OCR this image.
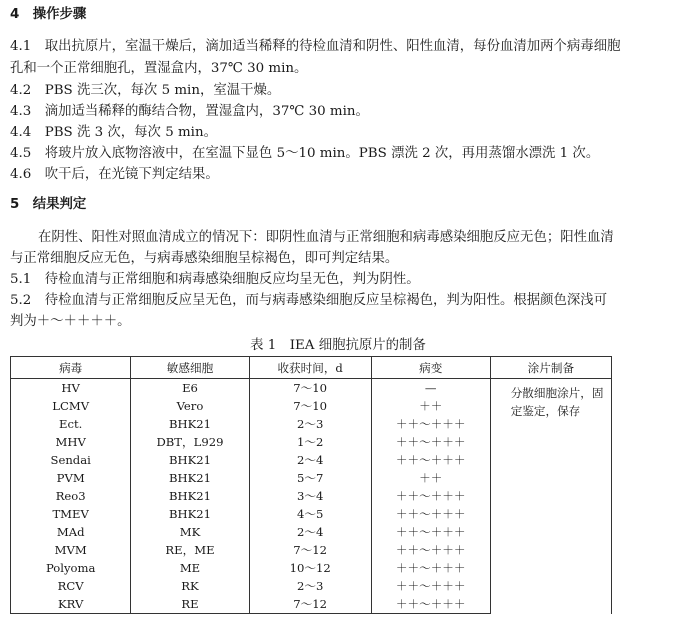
4　操作步骤
4.1　 取出抗原片，室温干燥后，滴加适当稀释的待检血清和阴性、阳性血清，每份血清加两个病毒细胞
孔和一个正常细胞孔，置湿盒内，37℃ 30 min。
4.2　 PBS 洗三次，每次 5 min，室温干燥。
4.3　 滴加适当稀释的酶结合物，置湿盒内，37℃ 30 min。
4.4　 PBS 洗 3 次，每次 5 min。
4.5　 将玻片放入底物溶液中，在室温下显色 5～10 min。PBS 漂洗 2 次，再用蒸馏水漂洗 1 次。
4.6　 吹干后，在光镜下判定结果。
5　结果判定
在阴性、阳性对照血清成立的情况下：即阴性血清与正常细胞和病毒感染细胞反应无色；阳性血清
与正常细胞反应无色，与病毒感染细胞呈棕褐色，即可判定结果。
5.1　 待检血清与正常细胞和病毒感染细胞反应均呈无色，判为阴性。
5.2　 待检血清与正常细胞反应呈无色，而与病毒感染细胞反应呈棕褐色，判为阳性。根据颜色深浅可
判为＋～＋＋＋＋。
表 1　IEA 细胞抗原片的制备
病毒	敏感细胞	收获时间，d	病变	涂片制备
HV	E6	7～10	—	分散细胞涂片，固定鉴定，保存
LCMV	Vero	7～10	＋＋	
Ect.	BHK21	2～3	＋＋～＋＋＋	
MHV	DBT，L929	1～2	＋＋～＋＋＋	
Sendai	BHK21	2～4	＋＋～＋＋＋	
PVM	BHK21	5～7	＋＋	
Reo3	BHK21	3～4	＋＋～＋＋＋	
TMEV	BHK21	4～5	＋＋～＋＋＋	
MAd	MK	2～4	＋＋～＋＋＋	
MVM	RE，ME	7～12	＋＋～＋＋＋	
Polyoma	ME	10～12	＋＋～＋＋＋	
RCV	RK	2～3	＋＋～＋＋＋	
KRV	RE	7～12	＋＋～＋＋＋	
